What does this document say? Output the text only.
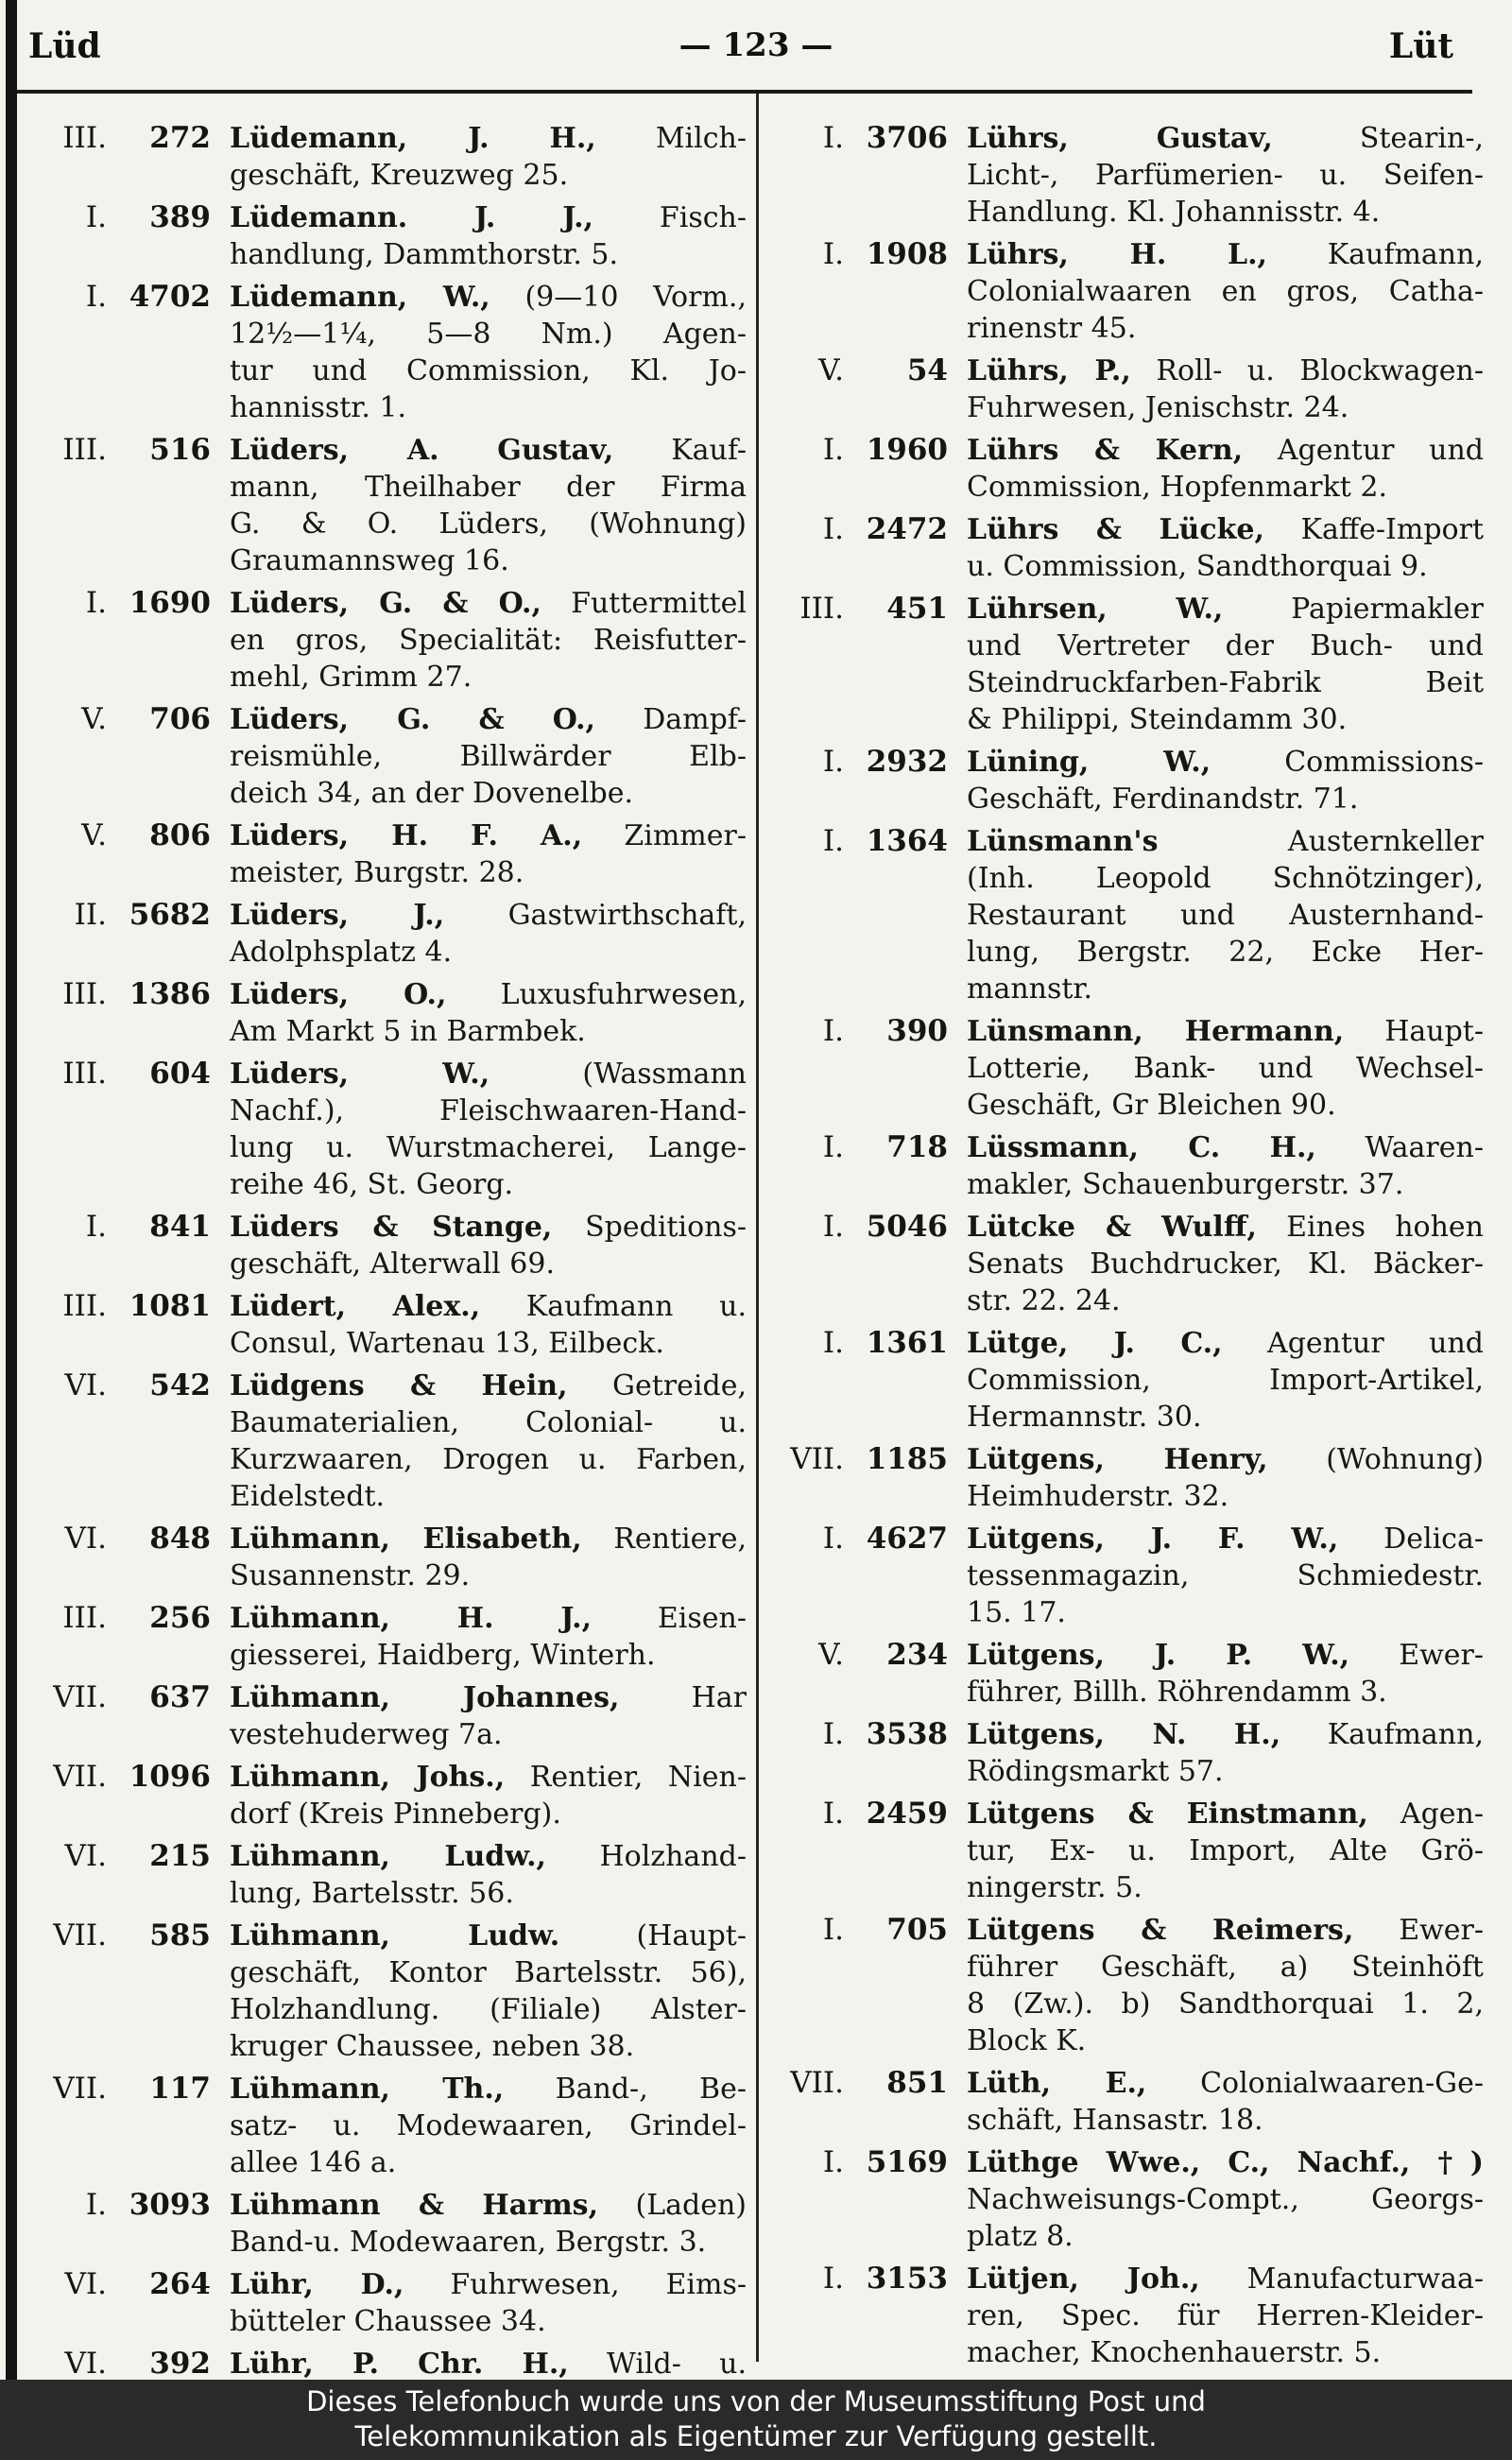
Lüd	— 123 —	Lüt
III.	272 Lüdemann, J. H., Milch-
geschäft, Kreuzweg 25.
I.	389 Lüdemann. J. J., Fisch-
handlung, Dammthorstr. 5.
I. 4702 Lüdemann, W., (9—10 Vorm.,
12½—1¼, 5—8 Nm.) Agen-
tur und Commission, Kl. Jo-
hannisstr. 1.
III.	516 Lüders, A. Gustav, Kauf-
mann, Theilhaber der Firma
G. & O. Lüders, (Wohnung)
Graumannsweg 16.
I. 1690 Lüders, G. & O., Futtermittel
en gros, Specialität: Reisfutter-
mehl, Grimm 27.
V.	706 Lüders, G. & O., Dampf-
reismühle, Billwärder Elb-
deich 34, an der Dovenelbe.
V.	806 Lüders, H. F. A., Zimmer-
meister, Burgstr. 28.
II. 5682 Lüders, J., Gastwirthschaft,
Adolphsplatz 4.
III. 1386 Lüders, O., Luxusfuhrwesen,
Am Markt 5 in Barmbek.
III.	604 Lüders, W.,	(Wassmann
Nachf.), Fleischwaaren-Hand-
lung u. Wurstmacherei, Lange-
reihe 46, St. Georg.
I.	841 Lüders & Stange, Speditions-
geschäft, Alterwall 69.
III. 1081 Lüdert, Alex., Kaufmann u.
Consul, Wartenau 13, Eilbeck.
VI.	542 Lüdgens & Hein, Getreide,
Baumaterialien, Colonial- u.
Kurzwaaren, Drogen u. Farben,
Eidelstedt.
VI.	848 Lühmann, Elisabeth, Rentiere,
Susannenstr. 29.
III.	256 Lühmann, H. J., Eisen-
giesserei, Haidberg, Winterh.
VII.	637 Lühmann, Johannes,	Har
vestehuderweg 7a.
VII. 1096 Lühmann, Johs., Rentier, Nien-
dorf (Kreis Pinneberg).
VI.	215 Lühmann, Ludw., Holzhand-
lung, Bartelsstr. 56.
VII.	585 Lühmann, Ludw.	(Haupt-
geschäft, Kontor Bartelsstr. 56),
Holzhandlung. (Filiale) Alster-
kruger Chaussee, neben 38.
VII.	117 Lühmann, Th., Band-, Be-
satz- u. Modewaaren, Grindel-
allee 146 a.
I. 3093 Lühmann & Harms, (Laden)
Band-u. Modewaaren, Bergstr. 3.
VI.	264 Lühr, D., Fuhrwesen, Eims-
bütteler Chaussee 34.
VI.	392 Lühr, P. Chr. H., Wild- u.
I. 3706 Lührs, Gustav,	Stearin-,
Licht-, Parfümerien- u. Seifen-
Handlung. Kl. Johannisstr. 4.
I. 1908 Lührs, H. L., Kaufmann,
Colonialwaaren en gros, Catha-
rinenstr 45.
V.	54 Lührs, P., Roll- u. Blockwagen-
Fuhrwesen, Jenischstr. 24.
I. 1960 Lührs & Kern, Agentur und
Commission, Hopfenmarkt 2.
I. 2472 Lührs & Lücke, Kaffe-Import
u. Commission, Sandthorquai 9.
III.	451 Lührsen, W., Papiermakler
und Vertreter der Buch- und
Steindruckfarben-Fabrik Beit
& Philippi, Steindamm 30.
I. 2932 Lüning, W.,	Commissions-
Geschäft, Ferdinandstr. 71.
I. 1364 Lünsmann's	Austernkeller
(Inh. Leopold Schnötzinger),
Restaurant und Austernhand-
lung, Bergstr. 22, Ecke Her-
mannstr.
I.	390 Lünsmann, Hermann, Haupt-
Lotterie, Bank- und Wechsel-
Geschäft, Gr Bleichen 90.
I.	718 Lüssmann, C. H., Waaren-
makler, Schauenburgerstr. 37.
I. 5046 Lütcke & Wulff, Eines hohen
Senats Buchdrucker, Kl. Bäcker-
str. 22. 24.
I. 1361 Lütge, J. C., Agentur und
Commission, Import-Artikel,
Hermannstr. 30.
VII. 1185 Lütgens, Henry, (Wohnung)
Heimhuderstr. 32.
I. 4627 Lütgens, J. F. W., Delica-
tessenmagazin, Schmiedestr.
15. 17.
V.	234 Lütgens, J. P. W., Ewer-
führer, Billh. Röhrendamm 3.
I. 3538 Lütgens, N. H., Kaufmann,
Rödingsmarkt 57.
I. 2459 Lütgens & Einstmann, Agen-
tur, Ex- u. Import, Alte Grö-
ningerstr. 5.
I.	705 Lütgens & Reimers, Ewer-
führer Geschäft, a) Steinhöft
8 (Zw.). b) Sandthorquai 1. 2,
Block K.
VII.	851 Lüth, E., Colonialwaaren-Ge-
schäft, Hansastr. 18.
I. 5169 Lüthge Wwe., C., Nachf., †)
Nachweisungs-Compt., Georgs-
platz 8.
I. 3153 Lütjen, Joh., Manufacturwaa-
ren, Spec. für Herren-Kleider-
macher, Knochenhauerstr. 5.
Dieses Telefonbuch wurde uns von der Museumsstiftung Post und
Telekommunikation als Eigentümer zur Verfügung gestellt.
